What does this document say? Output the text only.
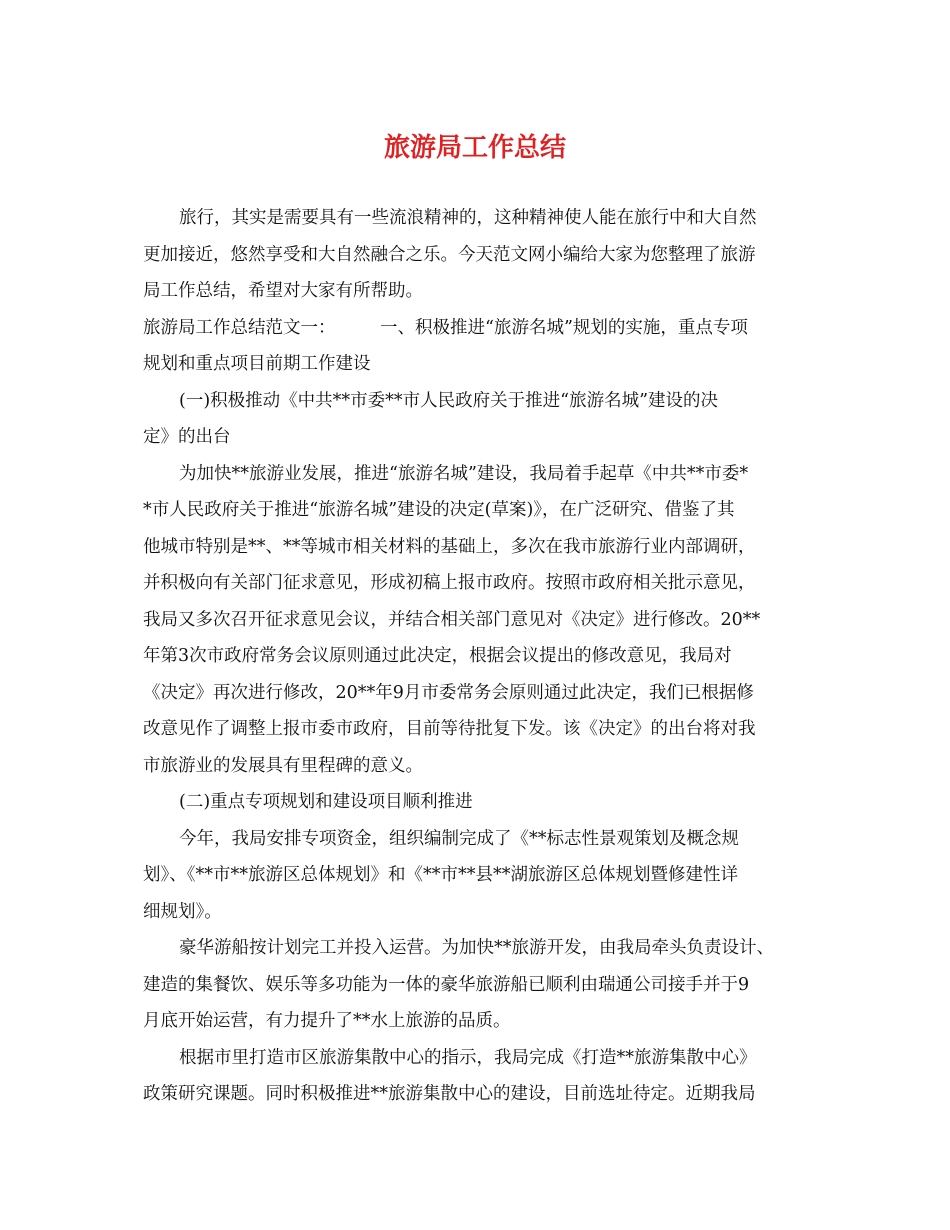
旅游局工作总结

旅行，其实是需要具有一些流浪精神的，这种精神使人能在旅行中和大自然

更加接近，悠然享受和大自然融合之乐。今天范文网小编给大家为您整理了旅游

局工作总结，希望对大家有所帮助。

旅游局工作总结范文一：        一、积极推进“旅游名城”规划的实施，重点专项

规划和重点项目前期工作建设

(一)积极推动《中共**市委**市人民政府关于推进“旅游名城”建设的决

定》的出台

为加快**旅游业发展，推进“旅游名城”建设，我局着手起草《中共**市委*

*市人民政府关于推进“旅游名城”建设的决定(草案)》，在广泛研究、借鉴了其

他城市特别是**、**等城市相关材料的基础上，多次在我市旅游行业内部调研，

并积极向有关部门征求意见，形成初稿上报市政府。按照市政府相关批示意见，

我局又多次召开征求意见会议，并结合相关部门意见对《决定》进行修改。20**

年第3次市政府常务会议原则通过此决定，根据会议提出的修改意见，我局对

《决定》再次进行修改，20**年9月市委常务会原则通过此决定，我们已根据修

改意见作了调整上报市委市政府，目前等待批复下发。该《决定》的出台将对我

市旅游业的发展具有里程碑的意义。

(二)重点专项规划和建设项目顺利推进

今年，我局安排专项资金，组织编制完成了《**标志性景观策划及概念规

划》、《**市**旅游区总体规划》和《**市**县**湖旅游区总体规划暨修建性详

细规划》。

豪华游船按计划完工并投入运营。为加快**旅游开发，由我局牵头负责设计、

建造的集餐饮、娱乐等多功能为一体的豪华旅游船已顺利由瑞通公司接手并于9

月底开始运营，有力提升了**水上旅游的品质。

根据市里打造市区旅游集散中心的指示，我局完成《打造**旅游集散中心》

政策研究课题。同时积极推进**旅游集散中心的建设，目前选址待定。近期我局
